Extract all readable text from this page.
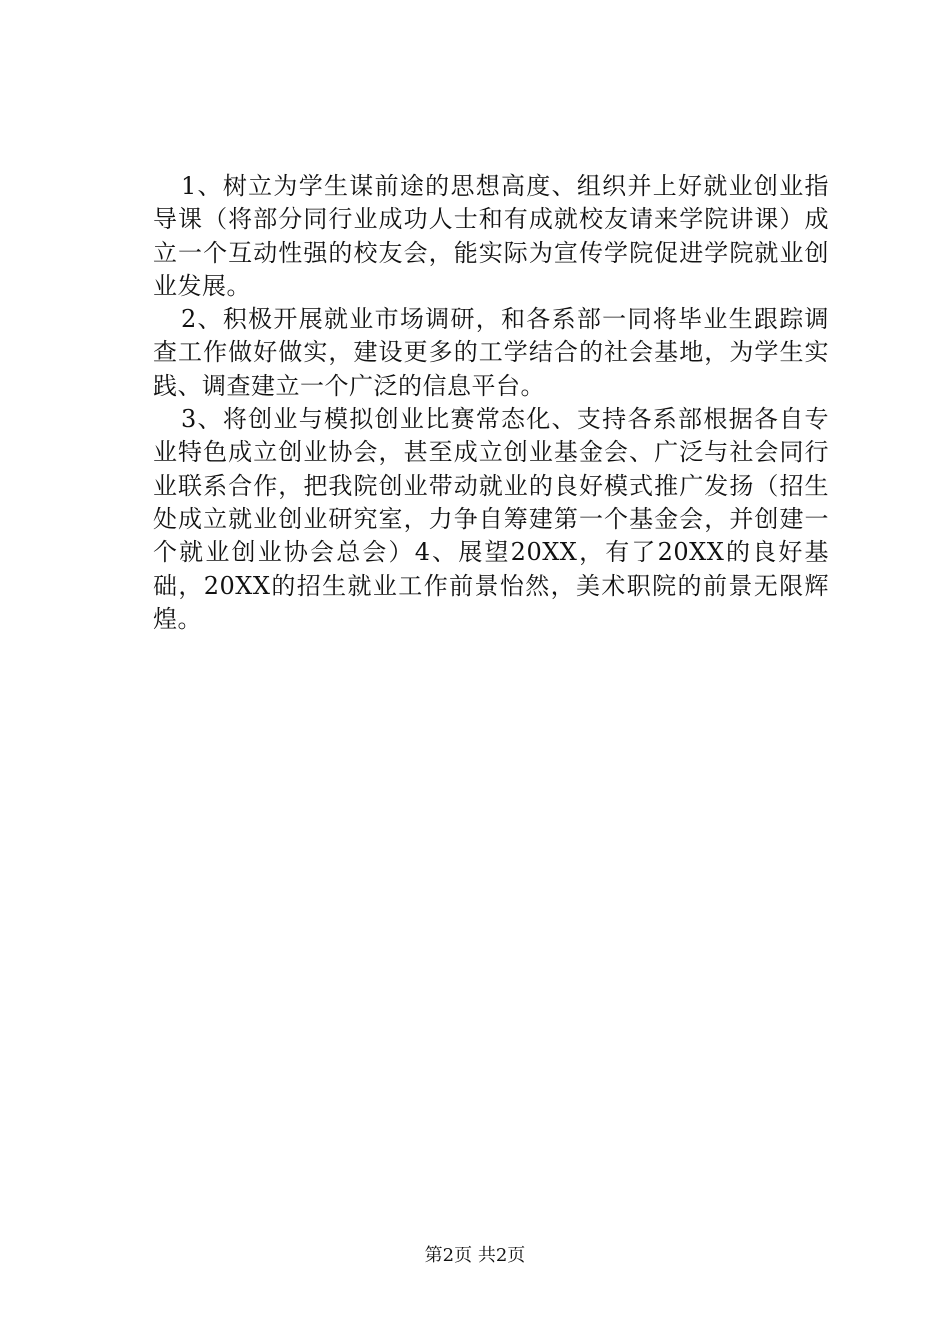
1、树立为学生谋前途的思想高度、组织并上好就业创业指导课（将部分同行业成功人士和有成就校友请来学院讲课）成立一个互动性强的校友会，能实际为宣传学院促进学院就业创业发展。

2、积极开展就业市场调研，和各系部一同将毕业生跟踪调查工作做好做实，建设更多的工学结合的社会基地，为学生实践、调查建立一个广泛的信息平台。

3、将创业与模拟创业比赛常态化、支持各系部根据各自专业特色成立创业协会，甚至成立创业基金会、广泛与社会同行业联系合作，把我院创业带动就业的良好模式推广发扬（招生处成立就业创业研究室，力争自筹建第一个基金会，并创建一个就业创业协会总会）4、展望20XX，有了20XX的良好基础，20XX的招生就业工作前景怡然，美术职院的前景无限辉煌。

第2页 共2页
